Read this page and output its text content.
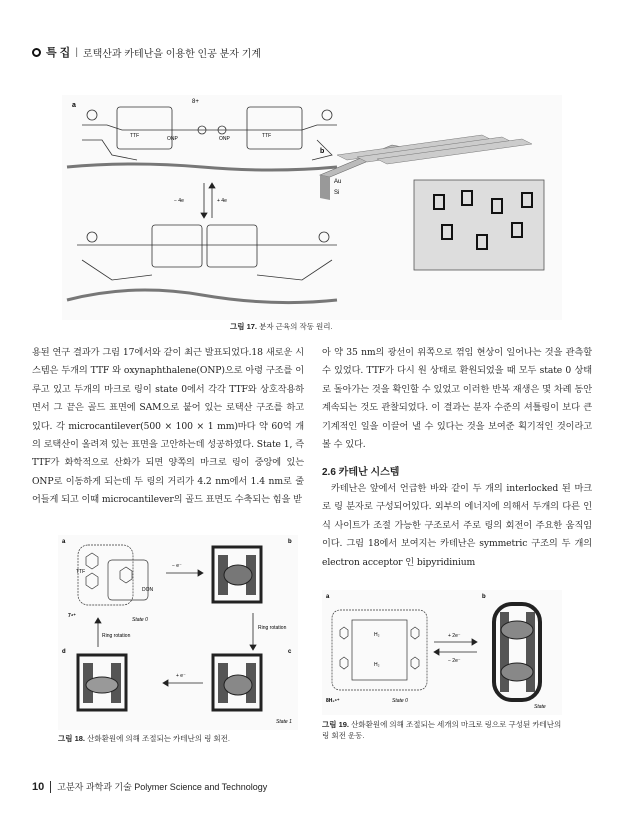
특 집 | 로택산과 카테난을 이용한 인공 분자 기계
a	8+
TTF	ONP	ONP	TTF
− 4e	+ 4e
b
Au
Si
그림 17. 분자 근육의 작동 원리.

용된 연구 결과가 그림 17에서와 같이 최근 발표되었다.18 새로운 시스템은 두개의 TTF 와 oxynaphthalene(ONP)으로 아령 구조를 이루고 있고 두개의 마크로 링이 state 0에서 각각 TTF와 상호작용하면서 그 끝은 골드 표면에 SAM으로 붙어 있는 로택산 구조를 하고 있다. 각 microcantilever(500 × 100 × 1 mm)마다 약 60억 개의 로택산이 올려져 있는 표면을 고안하는데 성공하였다. State 1, 즉 TTF가 화학적으로 산화가 되면 양쪽의 마크로 링이 중앙에 있는 ONP로 이동하게 되는데 두 링의 거리가 4.2 nm에서 1.4 nm로 줄어들게 되고 이때 microcantilever의 골드 표면도 수축되는 힘을 받

아 약 35 nm의 광선이 위쪽으로 꺾임 현상이 일어나는 것을 관측할 수 있었다. TTF가 다시 원 상태로 환원되었을 때 모두 state 0 상태로 돌아가는 것을 확인할 수 있었고 이러한 반복 재생은 몇 차례 동안 계속되는 것도 관찰되었다. 이 결과는 분자 수준의 셔틀링이 보다 큰 기계적인 일을 이끌어 낼 수 있다는 것을 보여준 획기적인 것이라고 볼 수 있다.

2.6 카테난 시스템

카테난은 앞에서 언급한 바와 같이 두 개의 interlocked 된 마크로 링 분자로 구성되어있다. 외부의 에너지에 의해서 두개의 다른 인식 사이트가 조절 가능한 구조로서 주로 링의 회전이 주요한 움직임이다. 그림 18에서 보여지는 카테난은 symmetric 구조의 두 개의 electron acceptor 인 bipyridinium

a	b
d	c
TTF
DON
7⁴⁺
State 0
− e⁻
+ e⁻
Ring rotation
Ring rotation
State 1
그림 18. 산화환원에 의해 조절되는 카테난의 링 회전.
a	b
H₂
H₂
8H₂⁶⁺	State 0
+ 2e⁻
− 2e⁻
State
그림 19. 산화환원에 의해 조절되는 세개의 마크로 링으로 구성된 카테난의 링 회전 운동.
10 고분자 과학과 기술 Polymer Science and Technology
